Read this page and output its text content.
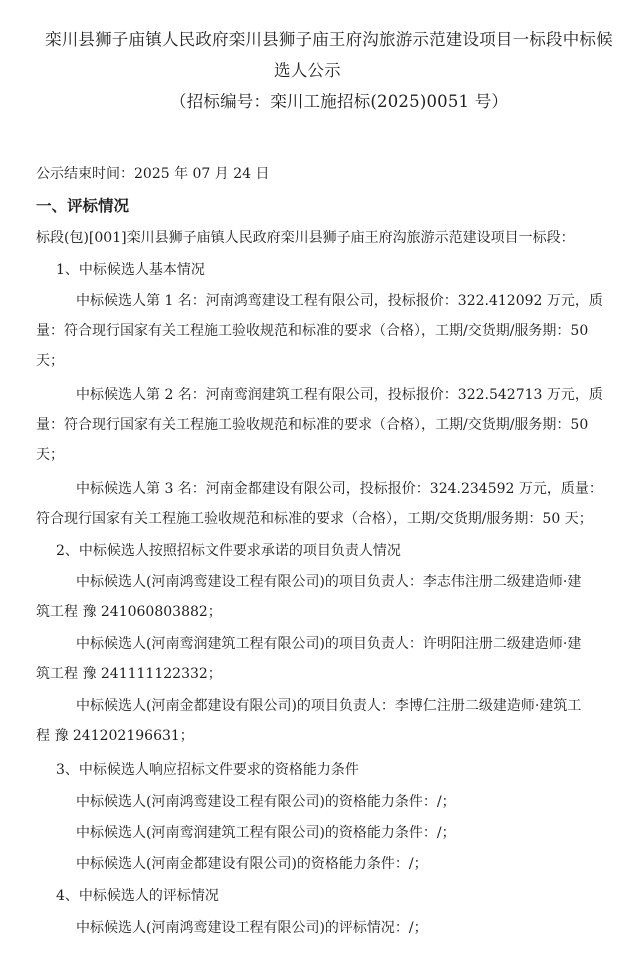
栾川县狮子庙镇人民政府栾川县狮子庙王府沟旅游示范建设项目一标段中标候
选人公示
（招标编号：栾川工施招标(2025)0051 号）
公示结束时间：2025 年 07 月 24 日
一、评标情况
标段(包)[001]栾川县狮子庙镇人民政府栾川县狮子庙王府沟旅游示范建设项目一标段：
1、中标候选人基本情况
中标候选人第 1 名：河南鸿鸾建设工程有限公司，投标报价：322.412092 万元，质
量：符合现行国家有关工程施工验收规范和标准的要求（合格），工期/交货期/服务期：50
天；
中标候选人第 2 名：河南鸾润建筑工程有限公司，投标报价：322.542713 万元，质
量：符合现行国家有关工程施工验收规范和标准的要求（合格），工期/交货期/服务期：50
天；
中标候选人第 3 名：河南金都建设有限公司，投标报价：324.234592 万元，质量：
符合现行国家有关工程施工验收规范和标准的要求（合格），工期/交货期/服务期：50 天；
2、中标候选人按照招标文件要求承诺的项目负责人情况
中标候选人(河南鸿鸾建设工程有限公司)的项目负责人：李志伟注册二级建造师·建
筑工程 豫 241060803882；
中标候选人(河南鸾润建筑工程有限公司)的项目负责人：许明阳注册二级建造师·建
筑工程 豫 241111122332；
中标候选人(河南金都建设有限公司)的项目负责人：李博仁注册二级建造师·建筑工
程 豫 241202196631；
3、中标候选人响应招标文件要求的资格能力条件
中标候选人(河南鸿鸾建设工程有限公司)的资格能力条件：/；
中标候选人(河南鸾润建筑工程有限公司)的资格能力条件：/；
中标候选人(河南金都建设有限公司)的资格能力条件：/；
4、中标候选人的评标情况
中标候选人(河南鸿鸾建设工程有限公司)的评标情况：/；
